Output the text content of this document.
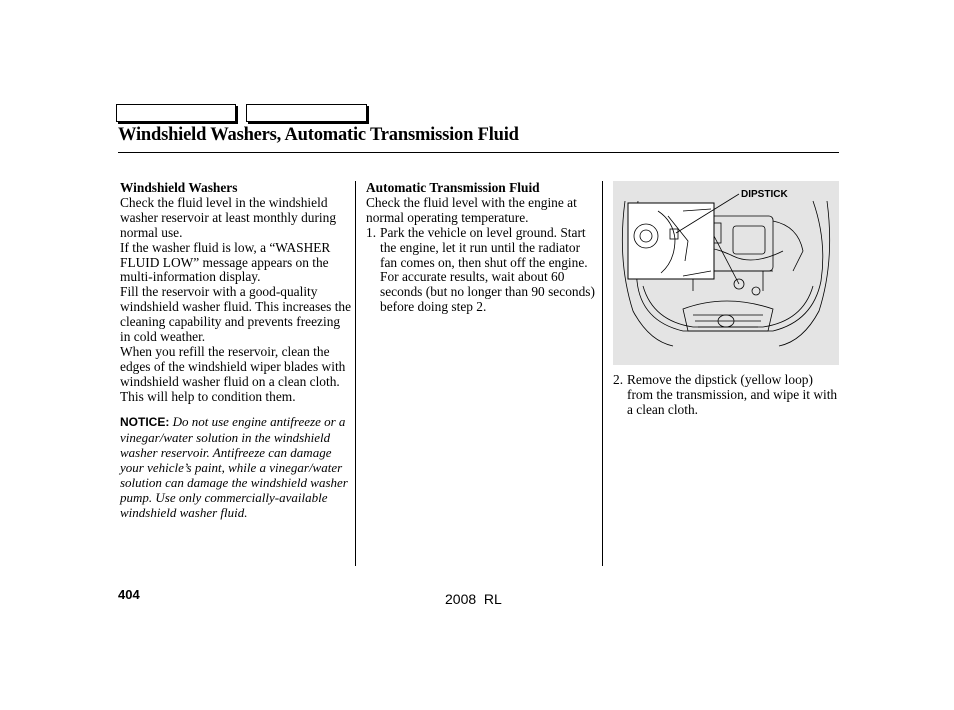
Windshield Washers, Automatic Transmission Fluid
Windshield Washers

Check the fluid level in the windshield washer reservoir at least monthly during normal use.

If the washer fluid is low, a “WASHER FLUID LOW” message appears on the multi-information display.

Fill the reservoir with a good-quality windshield washer fluid. This increases the cleaning capability and prevents freezing in cold weather.

When you refill the reservoir, clean the edges of the windshield wiper blades with windshield washer fluid on a clean cloth. This will help to condition them.

NOTICE: Do not use engine antifreeze or a vinegar/water solution in the windshield washer reservoir. Antifreeze can damage your vehicle’s paint, while a vinegar/water solution can damage the windshield washer pump. Use only commercially-available windshield washer fluid.
Automatic Transmission Fluid

Check the fluid level with the engine at normal operating temperature.

1. Park the vehicle on level ground. Start the engine, let it run until the radiator fan comes on, then shut off the engine. For accurate results, wait about 60 seconds (but no longer than 90 seconds) before doing step 2.
DIPSTICK
2. Remove the dipstick (yellow loop) from the transmission, and wipe it with a clean cloth.
404	2008  RL
